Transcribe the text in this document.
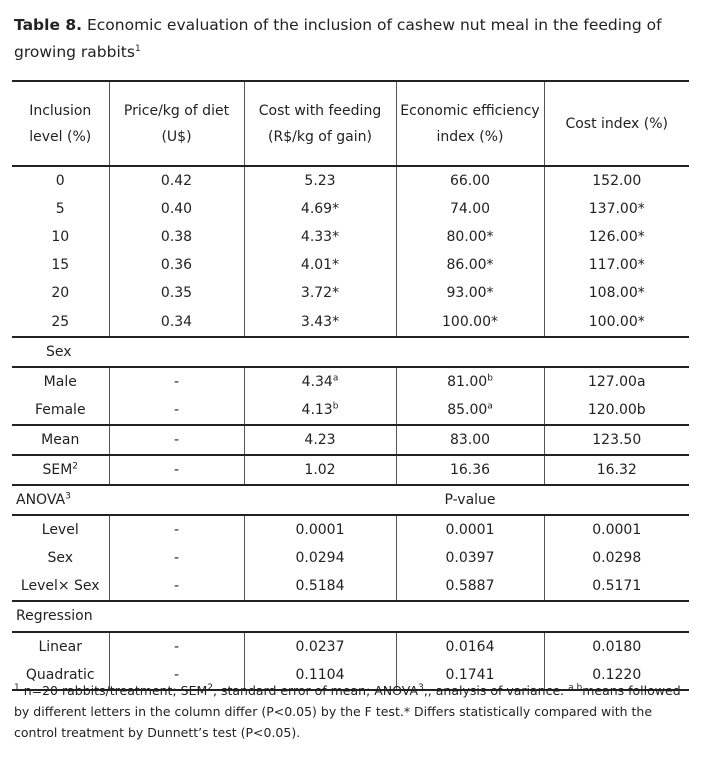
Table 8. Economic evaluation of the inclusion of cashew nut meal in the feeding of growing rabbits$^1$
Inclusion level (%)	Price/kg of diet (U$)	Cost with feeding (R$/kg of gain)	Economic efficiency index (%)	Cost index (%)
0	0.42	5.23	66.00	152.00
5	0.40	4.69*	74.00	137.00*
10	0.38	4.33*	80.00*	126.00*
15	0.36	4.01*	86.00*	117.00*
20	0.35	3.72*	93.00*	108.00*
25	0.34	3.43*	100.00*	100.00*
Sex				
Male	-	4.34$^a$	81.00$^b$	127.00a
Female	-	4.13$^b$	85.00$^a$	120.00b
Mean	-	4.23	83.00	123.50
SEM$^2$	-	1.02	16.36	16.32
ANOVA$^3$			P-value	
Level	-	0.0001	0.0001	0.0001
Sex	-	0.0294	0.0397	0.0298
Level× Sex	-	0.5184	0.5887	0.5171
Regression				
Linear	-	0.0237	0.0164	0.0180
Quadratic	-	0.1104	0.1741	0.1220
$^1$ n=20 rabbits/treatment; SEM$^2$, standard error of mean; ANOVA$^3$,, analysis of variance. $^{a,b}$means followed by different letters in the column differ (P<0.05) by the F test.* Differs statistically compared with the control treatment by Dunnett’s test (P<0.05).
